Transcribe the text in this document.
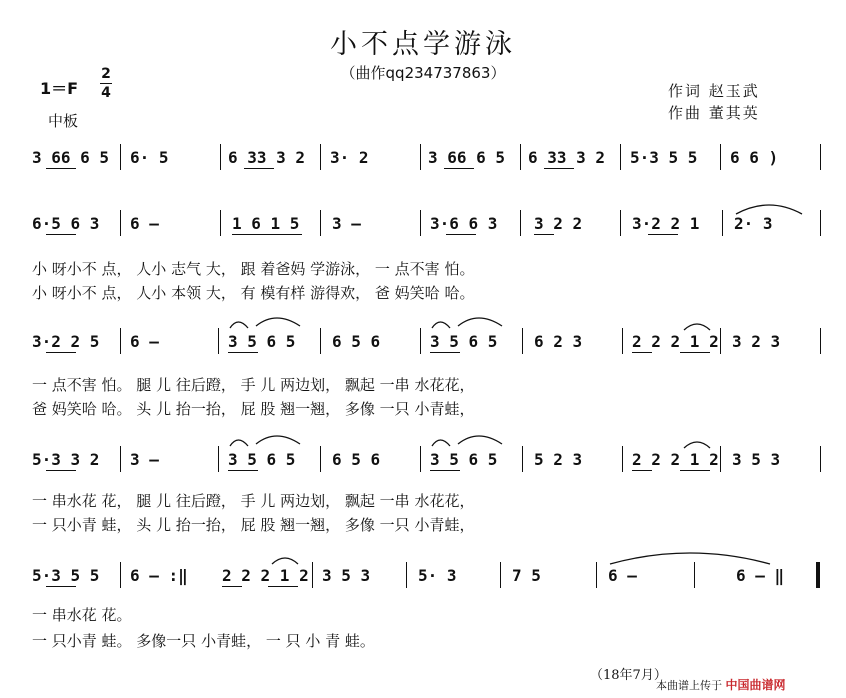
小不点学游泳
（曲作qq234737863）
1＝F
2
4
中板
作词 赵玉武
作曲 董其英
3 66 6 5 6· 5	6 33 3 2 3· 2	3 66 6 5 6 33 3 2 5·3 5 5 6 6 )
6·5 6 3 6 –	1 6 1 5 3 –	3·6 6 3 3 2 2	3·2 2 1 2· 3
小 呀小不 点， 人小 志气 大， 跟 着爸妈 学游泳， 一 点不害 怕。
小 呀小不 点， 人小 本领 大， 有 模有样 游得欢， 爸 妈笑哈 哈。
3·2 2 5 6 –	3 5 6 5 6 5 6	3 5 6 5 6 2 3	2 2 2 1 2 3 2 3
一 点不害 怕。 腿 儿 往后蹬， 手 儿 两边划， 飘起 一串 水花花，
爸 妈笑哈 哈。 头 儿 抬一抬， 屁 股 翘一翘， 多像 一只 小青蛙，
5·3 3 2 3 –	3 5 6 5 6 5 6	3 5 6 5 5 2 3	2 2 2 1 2 3 5 3
一 串水花 花， 腿 儿 往后蹬， 手 儿 两边划， 飘起 一串 水花花，
一 只小青 蛙， 头 儿 抬一抬， 屁 股 翘一翘， 多像 一只 小青蛙，
5·3 5 5 6 – :‖ 2 2 2 1 2 3 5 3	5· 3	7 5	6 –	6 – ‖
一 串水花 花。
一 只小青 蛙。 多像一只 小青蛙， 一 只 小 青 蛙。
（18年7月）
本曲谱上传于 中国曲谱网
